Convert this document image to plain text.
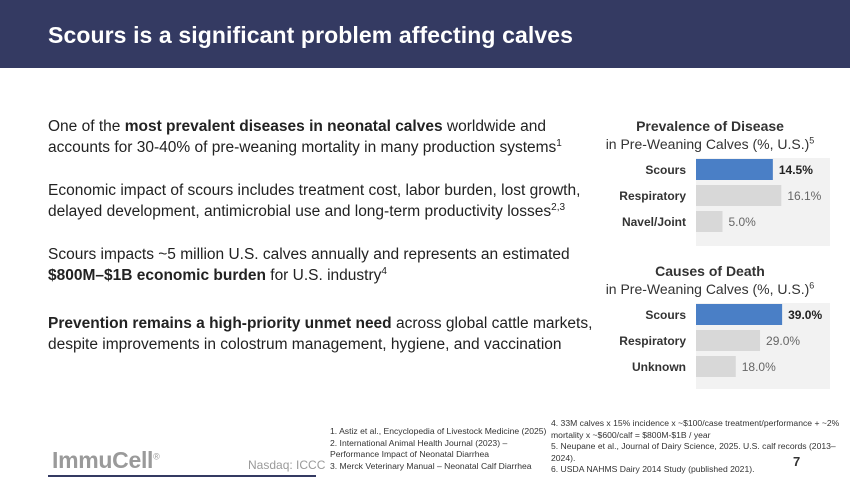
Scours is a significant problem affecting calves
One of the most prevalent diseases in neonatal calves worldwide and accounts for 30-40% of pre-weaning mortality in many production systems$^1$
Economic impact of scours includes treatment cost, labor burden, lost growth, delayed development, antimicrobial use and long-term productivity losses$^{2,3}$
Scours impacts ~5 million U.S. calves annually and represents an estimated $800M–$1B economic burden for U.S. industry$^4$
Prevention remains a high-priority unmet need across global cattle markets, despite improvements in colostrum management, hygiene, and vaccination
Prevalence of Disease
in Pre-Weaning Calves (%, U.S.)$^5$
Scours	14.5%
Respiratory	16.1%
Navel/Joint	5.0%
Causes of Death
in Pre-Weaning Calves (%, U.S.)$^6$
Scours	39.0%
Respiratory	29.0%
Unknown	18.0%
ImmuCell®
Nasdaq: ICCC
1. Astiz et al., Encyclopedia of Livestock Medicine (2025)
2. International Animal Health Journal (2023) – Performance Impact of Neonatal Diarrhea
3. Merck Veterinary Manual – Neonatal Calf Diarrhea
4. 33M calves x 15% incidence x ~$100/case treatment/performance + ~2% mortality x ~$600/calf = $800M-$1B / year
5. Neupane et al., Journal of Dairy Science, 2025. U.S. calf records (2013–2024).
6. USDA NAHMS Dairy 2014 Study (published 2021).	7
